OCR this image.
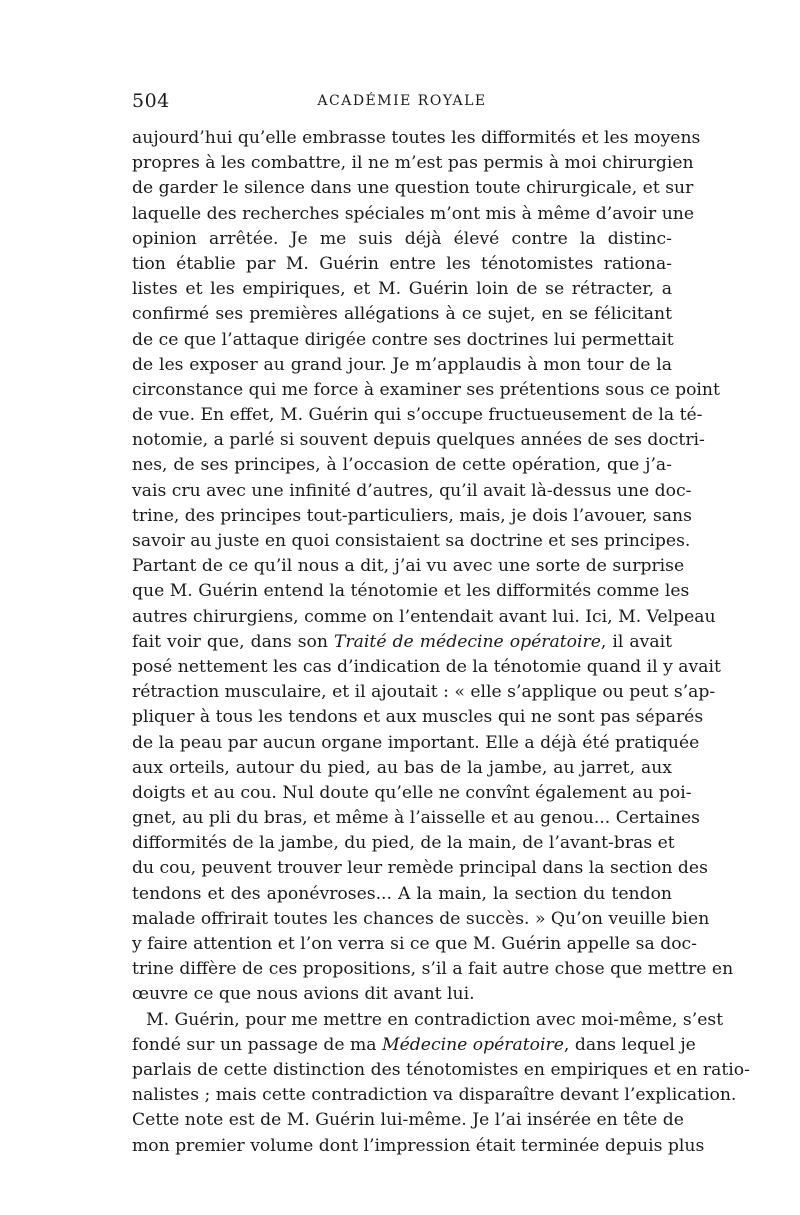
504	ACADÉMIE ROYALE
aujourd’hui qu’elle embrasse toutes les difformités et les moyens
propres à les combattre, il ne m’est pas permis à moi chirurgien
de garder le silence dans une question toute chirurgicale, et sur
laquelle des recherches spéciales m’ont mis à même d’avoir une
opinion arrêtée. Je me suis déjà élevé contre la distinc-
tion établie par M. Guérin entre les ténotomistes rationa-
listes et les empiriques, et M. Guérin loin de se rétracter, a
confirmé ses premières allégations à ce sujet, en se félicitant
de ce que l’attaque dirigée contre ses doctrines lui permettait
de les exposer au grand jour. Je m’applaudis à mon tour de la
circonstance qui me force à examiner ses prétentions sous ce point
de vue. En effet, M. Guérin qui s’occupe fructueusement de la té-
notomie, a parlé si souvent depuis quelques années de ses doctri-
nes, de ses principes, à l’occasion de cette opération, que j’a-
vais cru avec une infinité d’autres, qu’il avait là-dessus une doc-
trine, des principes tout-particuliers, mais, je dois l’avouer, sans
savoir au juste en quoi consistaient sa doctrine et ses principes.
Partant de ce qu’il nous a dit, j’ai vu avec une sorte de surprise
que M. Guérin entend la ténotomie et les difformités comme les
autres chirurgiens, comme on l’entendait avant lui. Ici, M. Velpeau
fait voir que, dans son Traité de médecine opératoire, il avait
posé nettement les cas d’indication de la ténotomie quand il y avait
rétraction musculaire, et il ajoutait : « elle s’applique ou peut s’ap-
pliquer à tous les tendons et aux muscles qui ne sont pas séparés
de la peau par aucun organe important. Elle a déjà été pratiquée
aux orteils, autour du pied, au bas de la jambe, au jarret, aux
doigts et au cou. Nul doute qu’elle ne convînt également au poi-
gnet, au pli du bras, et même à l’aisselle et au genou... Certaines
difformités de la jambe, du pied, de la main, de l’avant-bras et
du cou, peuvent trouver leur remède principal dans la section des
tendons et des aponévroses... A la main, la section du tendon
malade offrirait toutes les chances de succès. » Qu’on veuille bien
y faire attention et l’on verra si ce que M. Guérin appelle sa doc-
trine diffère de ces propositions, s’il a fait autre chose que mettre en
œuvre ce que nous avions dit avant lui.
M. Guérin, pour me mettre en contradiction avec moi-même, s’est
fondé sur un passage de ma Médecine opératoire, dans lequel je
parlais de cette distinction des ténotomistes en empiriques et en ratio-
nalistes ; mais cette contradiction va disparaître devant l’explication.
Cette note est de M. Guérin lui-même. Je l’ai insérée en tête de
mon premier volume dont l’impression était terminée depuis plus
